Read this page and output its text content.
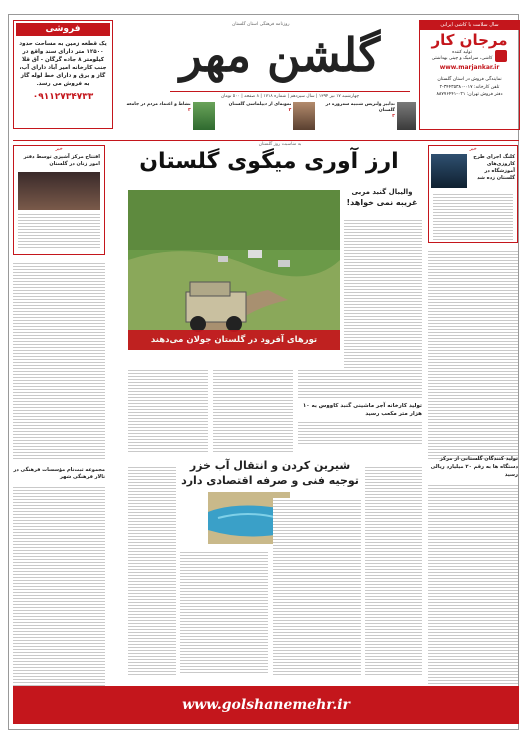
فروشی
یک قطعه زمین به مساحت حدود ۱۲۵۰۰ متر دارای سند واقع در کیلومتر ۸ جاده گرگان - آق قلا جنب کارخانه امیر آباد دارای آب، گاز و برق و دارای خط لوله گاز به فروش می رسد.
۰۹۱۱۲۷۳۴۷۳۳
سال سلامت با کاشی ایرانی
مرجان کار
تولید کننده
کاشی، سرامیک و چینی بهداشتی
www.marjankar.ir
نمایندگی فروش در استان گلستان
تلفن کارخانه: ۰۱۷-۳۴۴۳۵۳۸۰-۲
دفتر فروش تهران: ۰۲۱-۸۸۷۷۶۴۴۱
روزنامه فرهنگی استان گلستان
گلشن مهر
چهارشنبه ۱۷ تیر ۱۳۹۴ | سال سیزدهم | شماره ۱۷۱۸ | ۸ صفحه | ۵۰۰ تومان
تدابیر ولتزیس شنبیه سه‌روزه در گلستان
۳
نمونه‌ای از دیپلماسی گلستان
۲
نشاط و اعتماد مردم در جامعه
۳
خبر
کلنگ اجرای طرح کاروزی‌های آموزشگاه در گلستان زده شد
خبر
افتتاح مرکز آشپزی توسط دفتر امور زنان در گلستان
مجموعه ثبت‌نام مؤسسات فرهنگی در تالار فرهنگی شهر
به مناسبت روز گلستان
ارز آوری میگوی گلستان
تورهای آفرود در گلستان جولان می‌دهند
والیبال گنبد مربی
غریبه نمی خواهد!
تولید کنندگان گلستانی از مرکز دستگاه ها به رقم ۲۰ میلیارد ریالی رسید
تولید کارخانه آجر ماشینی گنبد کاووس به ۱۰ هزار متر مکعب رسید
شیرین کردن و انتقال آب خزر
توجیه فنی و صرفه اقتصادی دارد
www.golshanemehr.ir
